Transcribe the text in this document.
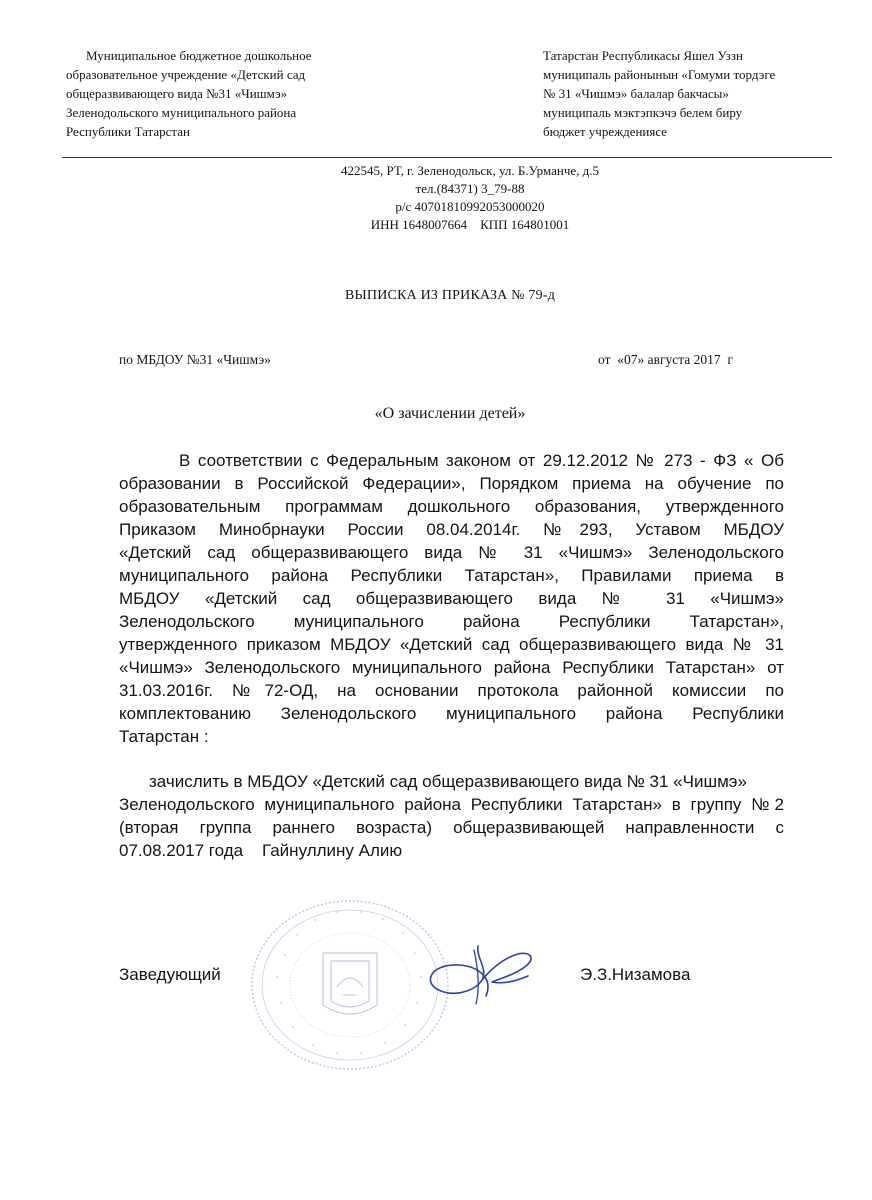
Муниципальное бюджетное дошкольное
образовательное учреждение «Детский сад
общеразвивающего вида №31 «Чишмэ»
Зеленодольского муниципального района
Республики Татарстан
Татарстан Республикасы Яшел Уззн
муниципаль районынын «Гомуми тордэге
№ 31 «Чишмэ» балалар бакчасы»
муниципаль мэктэпкэчэ белем биру
бюджет учреждениясе
422545, РТ, г. Зеленодольск, ул. Б.Урманче, д.5
тел.(84371) 3_79-88
р/с 40701810992053000020
ИНН 1648007664    КПП 164801001
ВЫПИСКА ИЗ ПРИКАЗА № 79-д
по МБДОУ №31 «Чишмэ»	от  «07» августа 2017  г
«О зачислении детей»
В соответствии с Федеральным законом от 29.12.2012 № 273 - ФЗ « Об
образовании в Российской Федерации», Порядком приема на обучение по
образовательным программам дошкольного образования, утвержденного
Приказом Минобрнауки России 08.04.2014г. №293, Уставом МБДОУ
«Детский сад общеразвивающего вида № 31 «Чишмэ» Зеленодольского
муниципального района Республики Татарстан», Правилами приема в
МБДОУ «Детский сад общеразвивающего вида № 31 «Чишмэ»
Зеленодольского муниципального района Республики Татарстан»,
утвержденного приказом МБДОУ «Детский сад общеразвивающего вида № 31
«Чишмэ» Зеленодольского муниципального района Республики Татарстан» от
31.03.2016г. №72-ОД, на основании протокола районной комиссии по
комплектованию Зеленодольского муниципального района Республики
Татарстан :
зачислить в МБДОУ «Детский сад общеразвивающего вида № 31 «Чишмэ»
Зеленодольского муниципального района Республики Татарстан» в группу №2
(вторая группа раннего возраста) общеразвивающей направленности с
07.08.2017 года    Гайнуллину Алию
Заведующий	Э.З.Низамова
